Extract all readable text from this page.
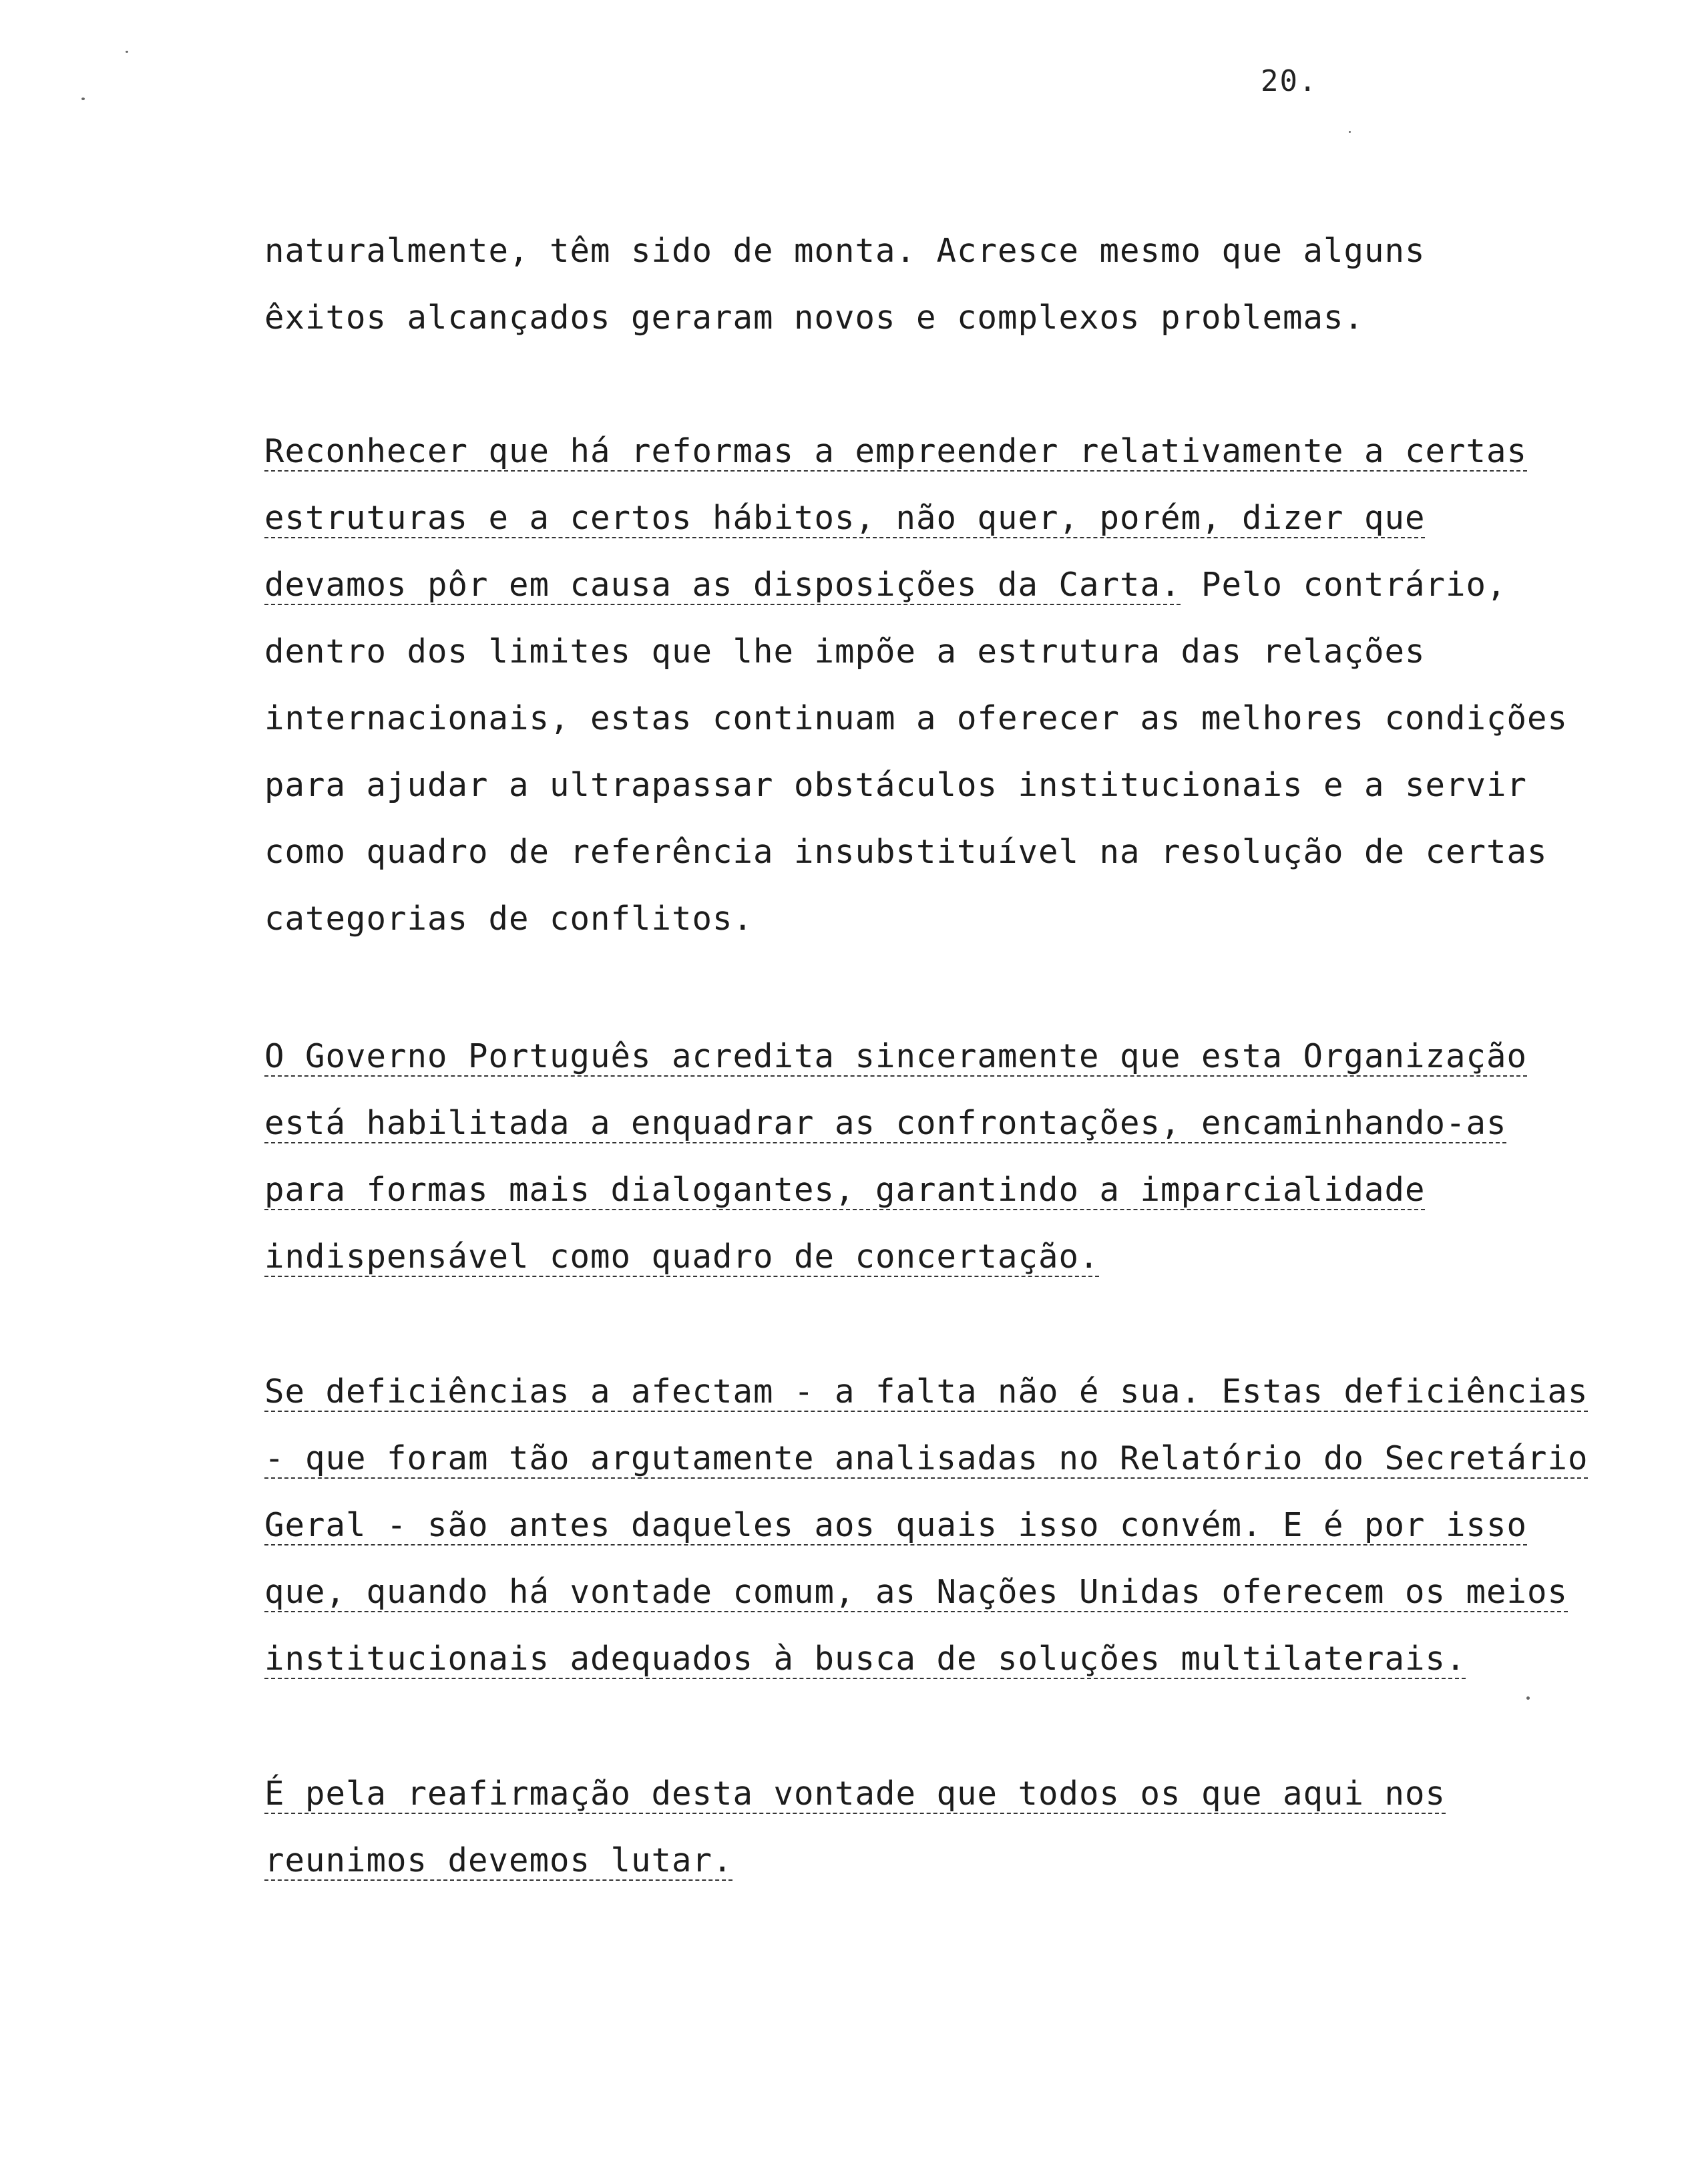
20.

naturalmente, têm sido de monta. Acresce mesmo que alguns

êxitos alcançados geraram novos e complexos problemas.

Reconhecer que há reformas a empreender relativamente a certas

estruturas e a certos hábitos, não quer, porém, dizer que

devamos pôr em causa as disposições da Carta. Pelo contrário,

dentro dos limites que lhe impõe a estrutura das relações

internacionais, estas continuam a oferecer as melhores condições

para ajudar a ultrapassar obstáculos institucionais e a servir

como quadro de referência insubstituível na resolução de certas

categorias de conflitos.

O Governo Português acredita sinceramente que esta Organização

está habilitada a enquadrar as confrontações, encaminhando-as

para formas mais dialogantes, garantindo a imparcialidade

indispensável como quadro de concertação.

Se deficiências a afectam - a falta não é sua. Estas deficiências

- que foram tão argutamente analisadas no Relatório do Secretário

Geral - são antes daqueles aos quais isso convém. E é por isso

que, quando há vontade comum, as Nações Unidas oferecem os meios

institucionais adequados à busca de soluções multilaterais.

É pela reafirmação desta vontade que todos os que aqui nos

reunimos devemos lutar.
